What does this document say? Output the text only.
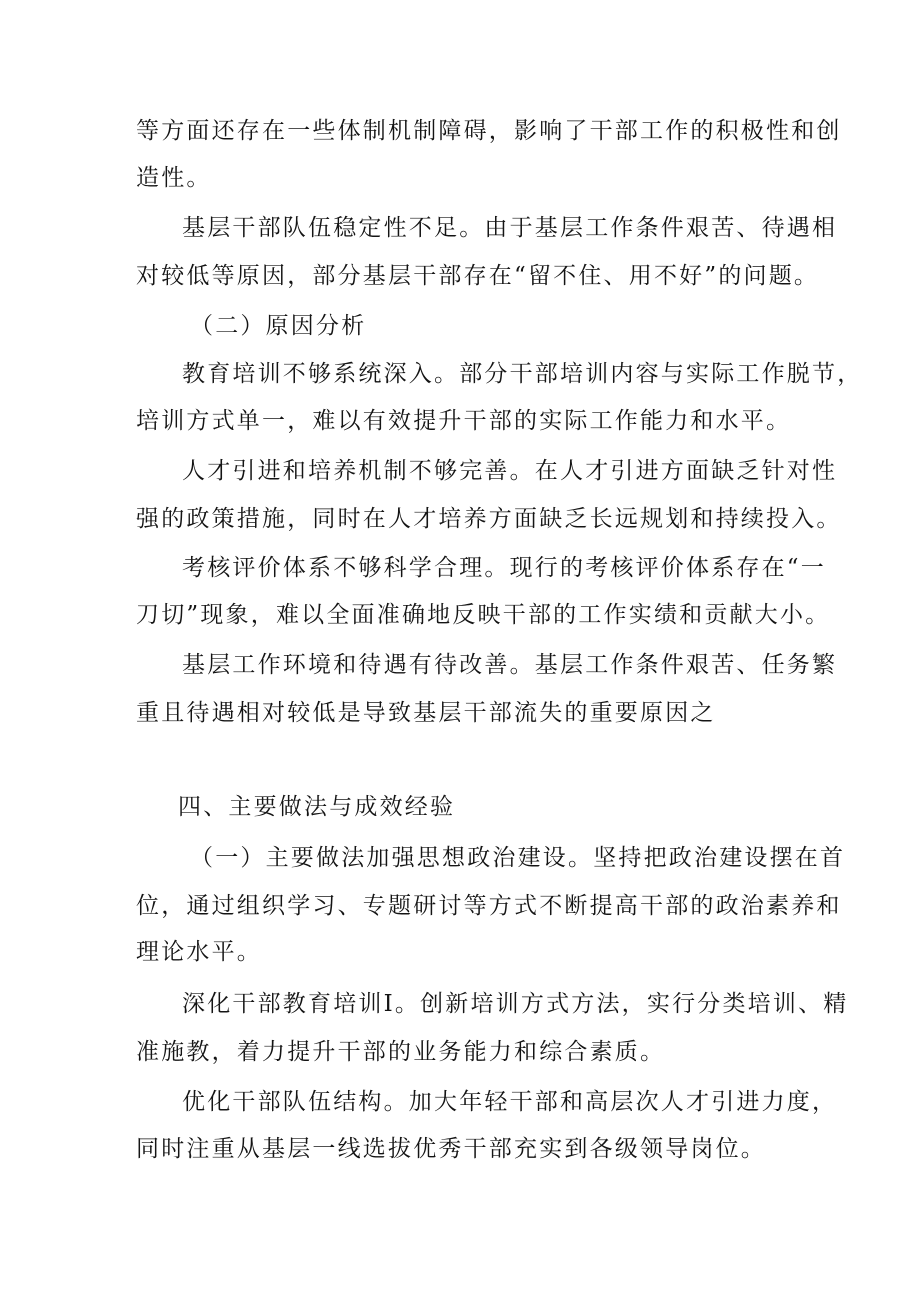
等方面还存在一些体制机制障碍，影响了干部工作的积极性和创
造性。
基层干部队伍稳定性不足。由于基层工作条件艰苦、待遇相
对较低等原因，部分基层干部存在“留不住、用不好”的问题。
（二）原因分析
教育培训不够系统深入。部分干部培训内容与实际工作脱节，
培训方式单一，难以有效提升干部的实际工作能力和水平。
人才引进和培养机制不够完善。在人才引进方面缺乏针对性
强的政策措施，同时在人才培养方面缺乏长远规划和持续投入。
考核评价体系不够科学合理。现行的考核评价体系存在“一
刀切”现象，难以全面准确地反映干部的工作实绩和贡献大小。
基层工作环境和待遇有待改善。基层工作条件艰苦、任务繁
重且待遇相对较低是导致基层干部流失的重要原因之
四、主要做法与成效经验
（一）主要做法加强思想政治建设。坚持把政治建设摆在首
位，通过组织学习、专题研讨等方式不断提高干部的政治素养和
理论水平。
深化干部教育培训I。创新培训方式方法，实行分类培训、精
准施教，着力提升干部的业务能力和综合素质。
优化干部队伍结构。加大年轻干部和高层次人才引进力度，
同时注重从基层一线选拔优秀干部充实到各级领导岗位。
